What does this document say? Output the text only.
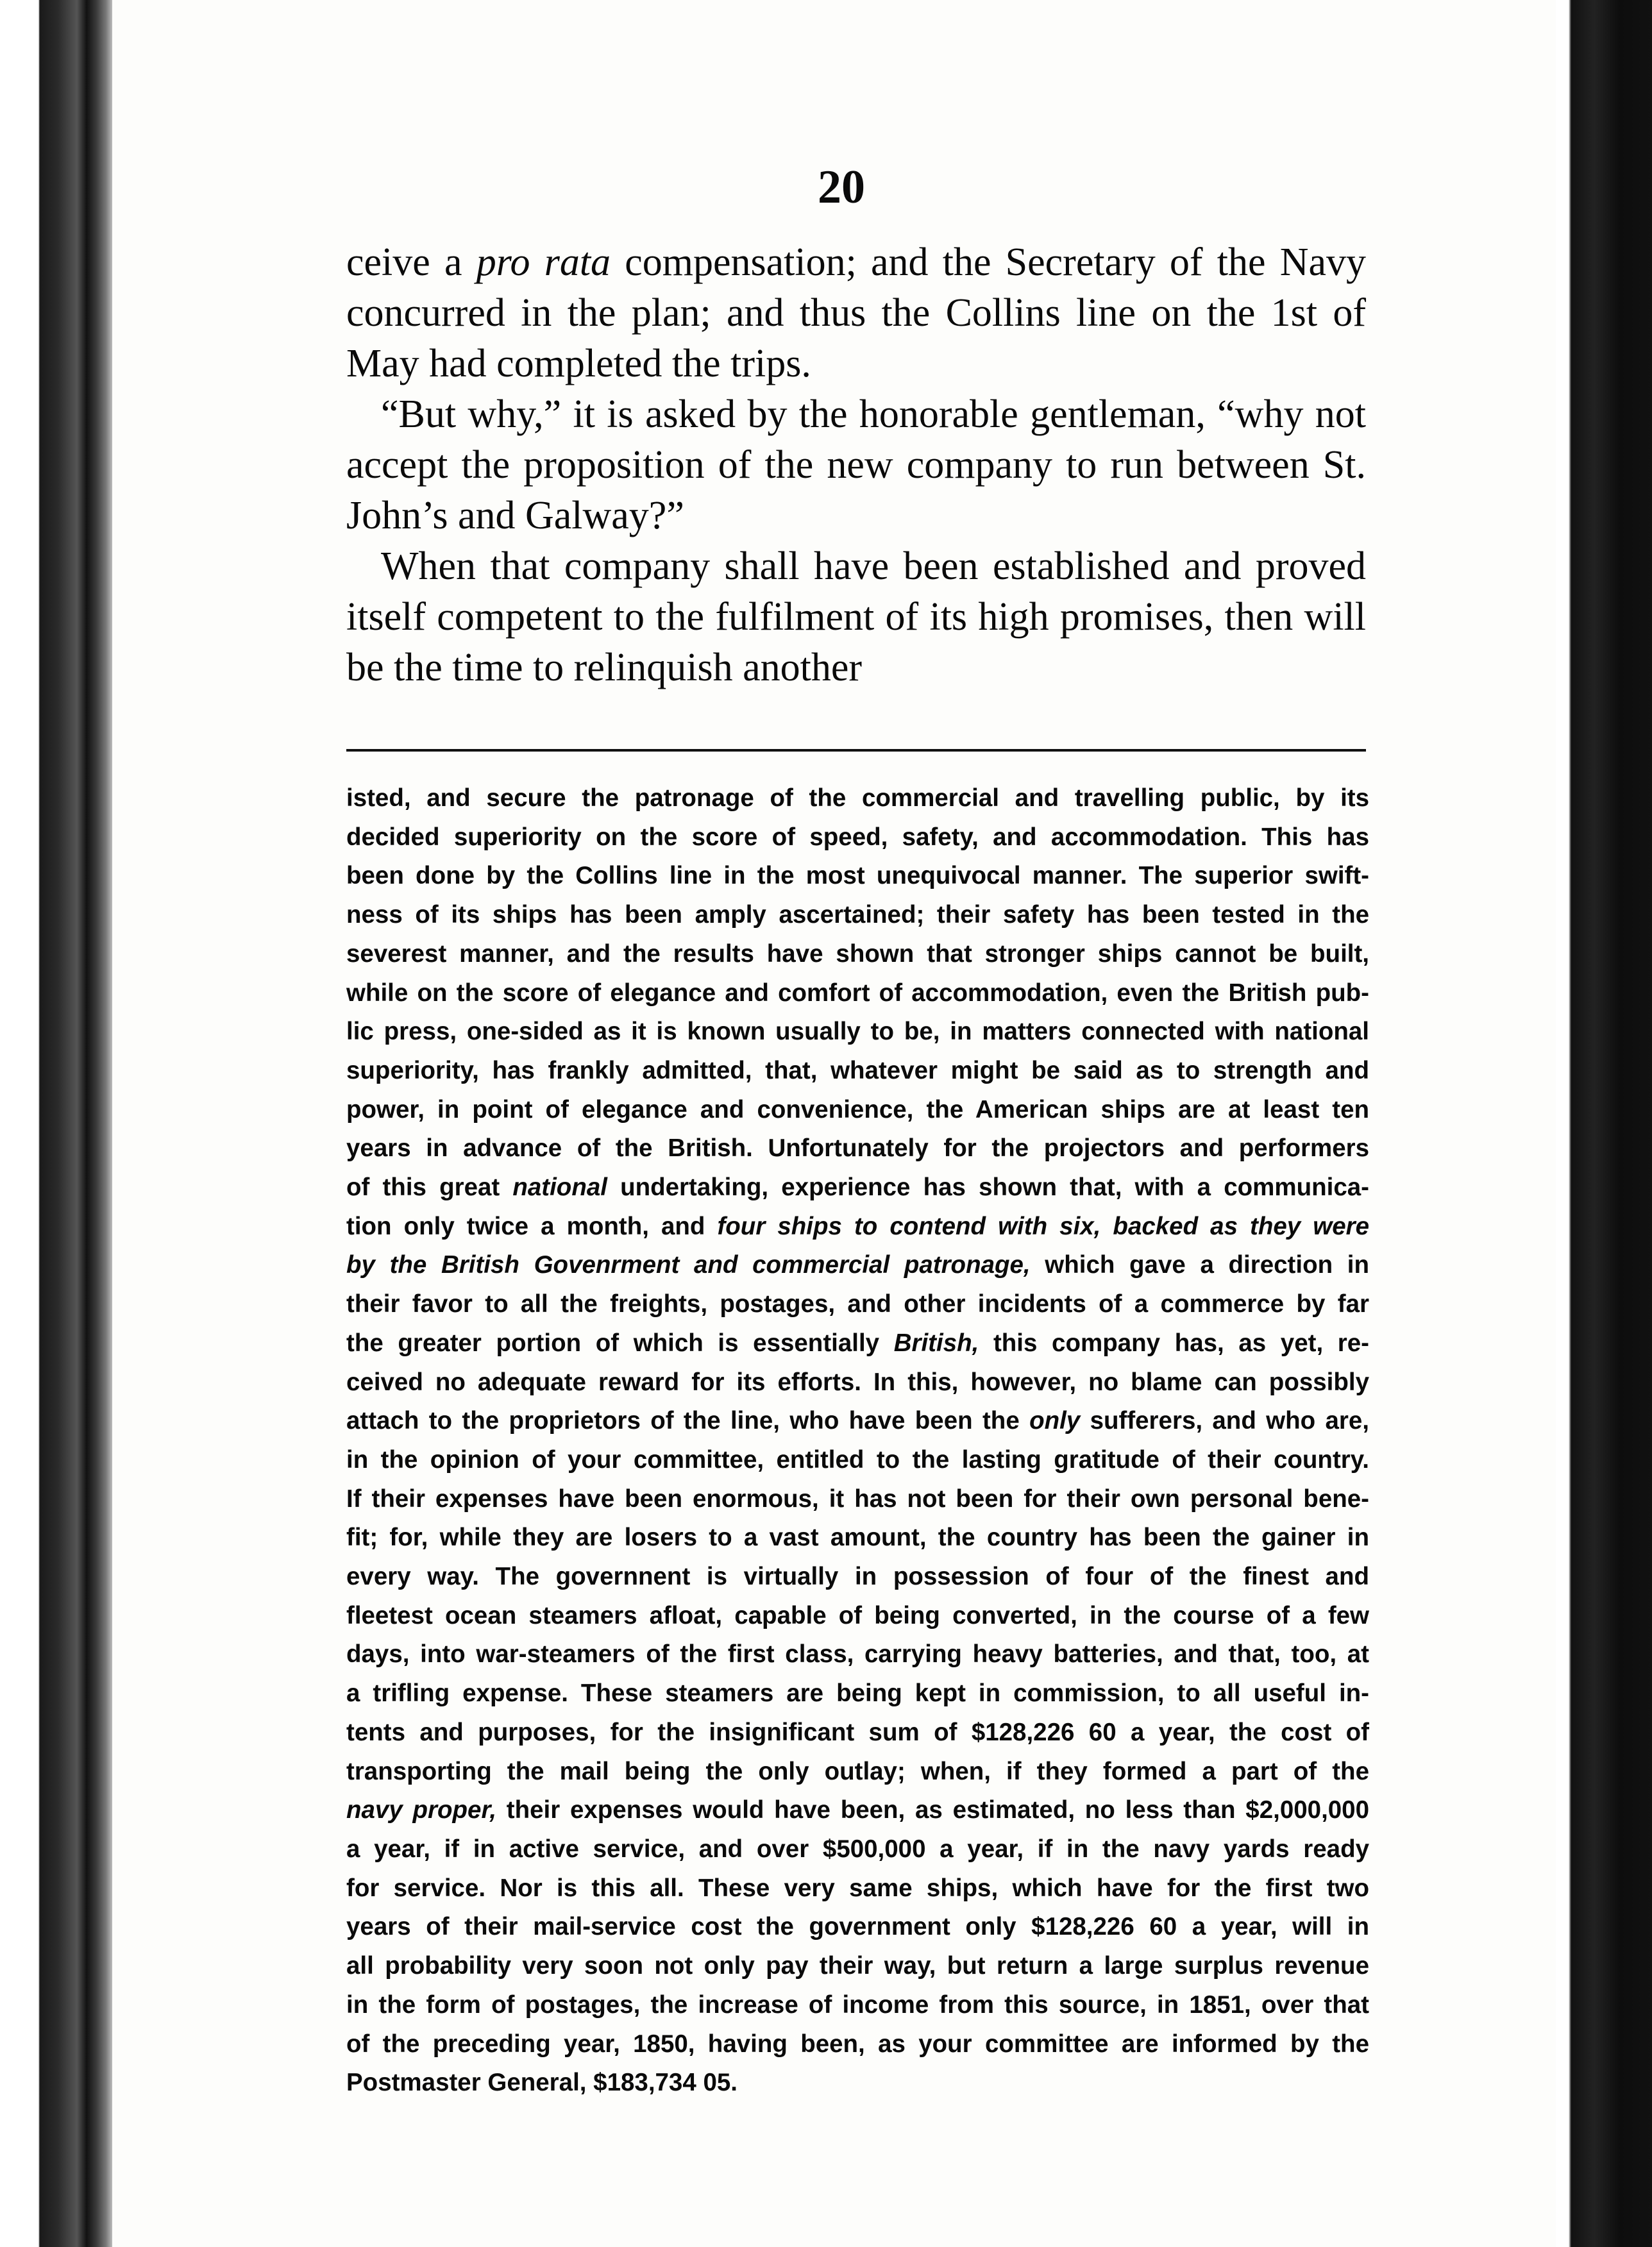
20

ceive a pro rata compensation; and the Secretary of the Navy concurred in the plan; and thus the Collins line on the 1st of May had completed the trips.

“But why,” it is asked by the honorable gentleman, “why not accept the proposition of the new company to run between St. John’s and Galway?”

When that company shall have been established and proved itself competent to the fulfilment of its high promises, then will be the time to relinquish another

isted, and secure the patronage of the commercial and travelling public, by its
decided superiority on the score of speed, safety, and accommodation. This has
been done by the Collins line in the most unequivocal manner. The superior swift-
ness of its ships has been amply ascertained; their safety has been tested in the
severest manner, and the results have shown that stronger ships cannot be built,
while on the score of elegance and comfort of accommodation, even the British pub-
lic press, one-sided as it is known usually to be, in matters connected with national
superiority, has frankly admitted, that, whatever might be said as to strength and
power, in point of elegance and convenience, the American ships are at least ten
years in advance of the British. Unfortunately for the projectors and performers
of this great national undertaking, experience has shown that, with a communica-
tion only twice a month, and four ships to contend with six, backed as they were
by the British Govenrment and commercial patronage, which gave a direction in
their favor to all the freights, postages, and other incidents of a commerce by far
the greater portion of which is essentially British, this company has, as yet, re-
ceived no adequate reward for its efforts. In this, however, no blame can possibly
attach to the proprietors of the line, who have been the only sufferers, and who are,
in the opinion of your committee, entitled to the lasting gratitude of their country.
If their expenses have been enormous, it has not been for their own personal bene-
fit; for, while they are losers to a vast amount, the country has been the gainer in
every way. The governnent is virtually in possession of four of the finest and
fleetest ocean steamers afloat, capable of being converted, in the course of a few
days, into war-steamers of the first class, carrying heavy batteries, and that, too, at
a trifling expense. These steamers are being kept in commission, to all useful in-
tents and purposes, for the insignificant sum of $128,226 60 a year, the cost of
transporting the mail being the only outlay; when, if they formed a part of the
navy proper, their expenses would have been, as estimated, no less than $2,000,000
a year, if in active service, and over $500,000 a year, if in the navy yards ready
for service. Nor is this all. These very same ships, which have for the first two
years of their mail-service cost the government only $128,226 60 a year, will in
all probability very soon not only pay their way, but return a large surplus revenue
in the form of postages, the increase of income from this source, in 1851, over that
of the preceding year, 1850, having been, as your committee are informed by the
Postmaster General, $183,734 05.
